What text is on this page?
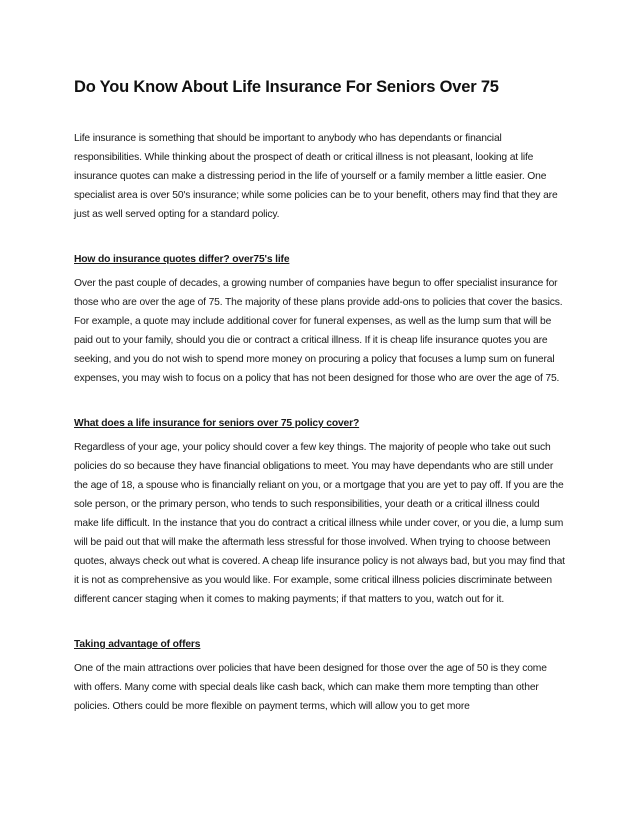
Do You Know About Life Insurance For Seniors Over 75

Life insurance is something that should be important to anybody who has dependants or financial responsibilities. While thinking about the prospect of death or critical illness is not pleasant, looking at life insurance quotes can make a distressing period in the life of yourself or a family member a little easier. One specialist area is over 50's insurance; while some policies can be to your benefit, others may find that they are just as well served opting for a standard policy.

How do insurance quotes differ? over75's life

Over the past couple of decades, a growing number of companies have begun to offer specialist insurance for those who are over the age of 75. The majority of these plans provide add-ons to policies that cover the basics. For example, a quote may include additional cover for funeral expenses, as well as the lump sum that will be paid out to your family, should you die or contract a critical illness. If it is cheap life insurance quotes you are seeking, and you do not wish to spend more money on procuring a policy that focuses a lump sum on funeral expenses, you may wish to focus on a policy that has not been designed for those who are over the age of 75.

What does a life insurance for seniors over 75 policy cover?

Regardless of your age, your policy should cover a few key things. The majority of people who take out such policies do so because they have financial obligations to meet. You may have dependants who are still under the age of 18, a spouse who is financially reliant on you, or a mortgage that you are yet to pay off. If you are the sole person, or the primary person, who tends to such responsibilities, your death or a critical illness could make life difficult. In the instance that you do contract a critical illness while under cover, or you die, a lump sum will be paid out that will make the aftermath less stressful for those involved. When trying to choose between quotes, always check out what is covered. A cheap life insurance policy is not always bad, but you may find that it is not as comprehensive as you would like. For example, some critical illness policies discriminate between different cancer staging when it comes to making payments; if that matters to you, watch out for it.

Taking advantage of offers

One of the main attractions over policies that have been designed for those over the age of 50 is they come with offers. Many come with special deals like cash back, which can make them more tempting than other policies. Others could be more flexible on payment terms, which will allow you to get more
